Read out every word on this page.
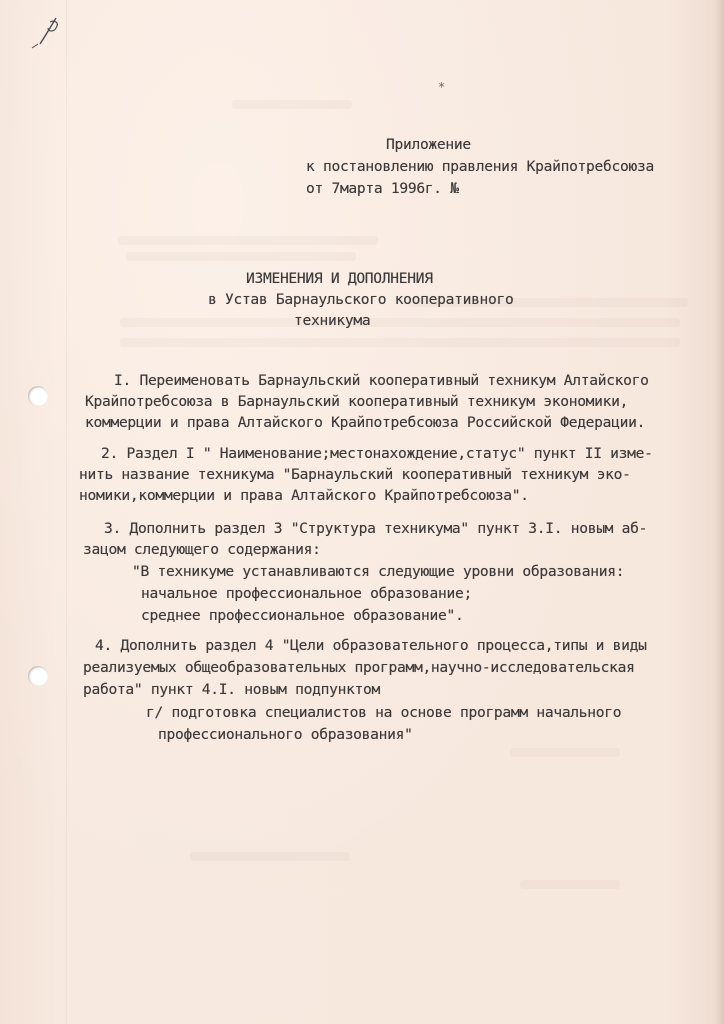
*
Приложение
к постановлению правления Крайпотребсоюза
от 7марта 1996г. №
ИЗМЕНЕНИЯ И ДОПОЛНЕНИЯ
в Устав Барнаульского кооперативного
техникума
I. Переименовать Барнаульский кооперативный техникум Алтайского
Крайпотребсоюза в Барнаульский кооперативный техникум экономики,
коммерции и права Алтайского Крайпотребсоюза Российской Федерации.
2. Раздел I " Наименование;местонахождение,статус" пункт II изме-
нить название техникума "Барнаульский кооперативный техникум эко-
номики,коммерции и права Алтайского Крайпотребсоюза".
3. Дополнить раздел 3 "Структура техникума" пункт 3.I. новым аб-
зацом следующего содержания:
"В техникуме устанавливаются следующие уровни образования:
начальное профессиональное образование;
среднее профессиональное образование".
4. Дополнить раздел 4 "Цели образовательного процесса,типы и виды
реализуемых общеобразовательных программ,научно-исследовательская
работа" пункт 4.I. новым подпунктом
г/ подготовка специалистов на основе программ начального
профессионального образования"
